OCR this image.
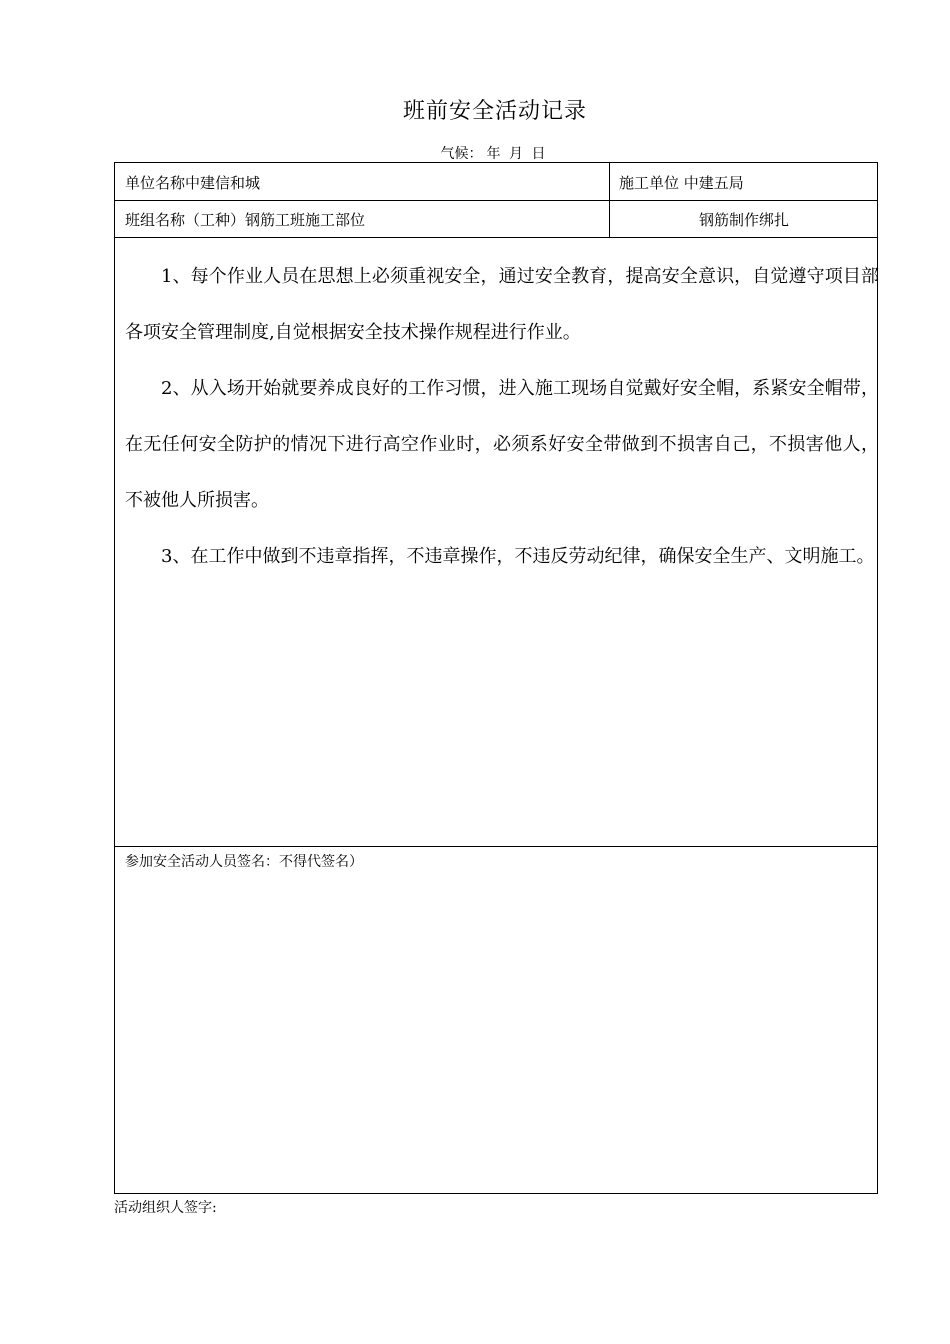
班前安全活动记录
气候： 年 月 日
单位名称中建信和城	施工单位 中建五局
班组名称（工种）钢筋工班施工部位	钢筋制作绑扎

1、每个作业人员在思想上必须重视安全，通过安全教育，提高安全意识，自觉遵守项目部各项安全管理制度,自觉根据安全技术操作规程进行作业。

2、从入场开始就要养成良好的工作习惯，进入施工现场自觉戴好安全帽，系紧安全帽带，在无任何安全防护的情况下进行高空作业时，必须系好安全带做到不损害自己，不损害他人，不被他人所损害。

3、在工作中做到不违章指挥，不违章操作，不违反劳动纪律，确保安全生产、文明施工。

参加安全活动人员签名：不得代签名）
活动组织人签字:
